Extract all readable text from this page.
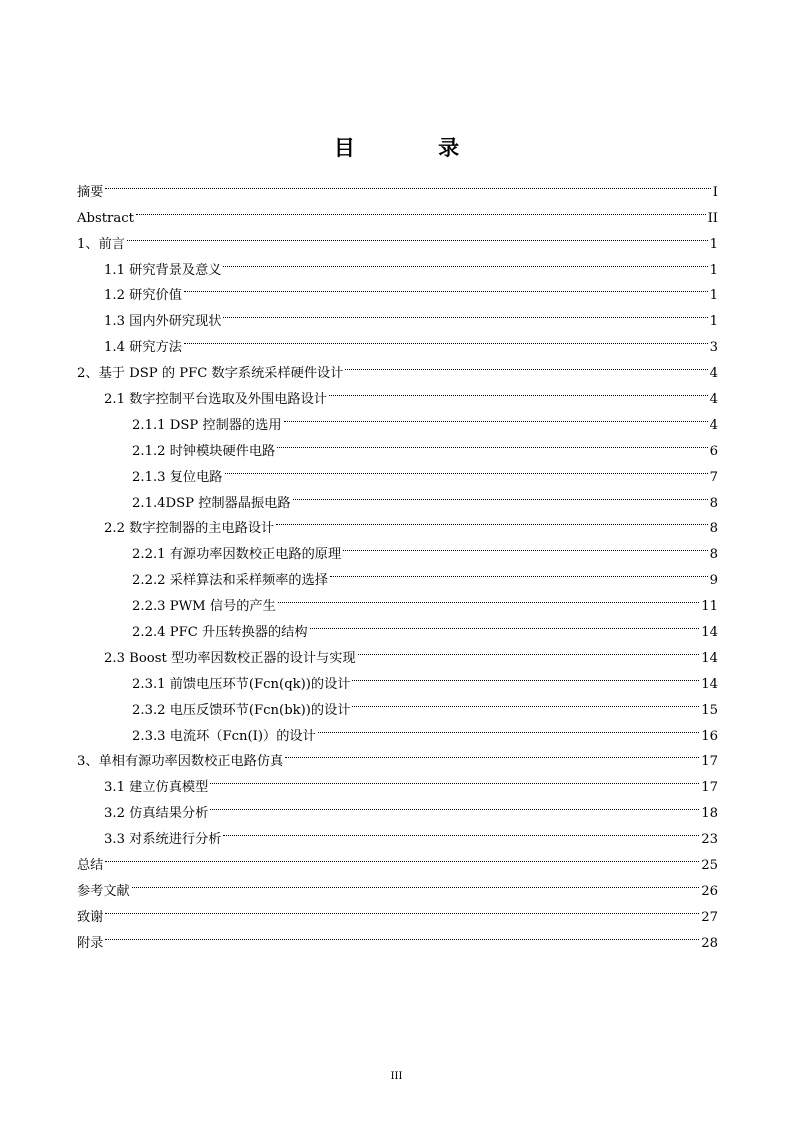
目 录
摘要	I
Abstract	II
1、前言	1
1.1 研究背景及意义	1
1.2 研究价值	1
1.3 国内外研究现状	1
1.4 研究方法	3
2、基于 DSP 的 PFC 数字系统采样硬件设计	4
2.1 数字控制平台选取及外围电路设计	4
2.1.1 DSP 控制器的选用	4
2.1.2 时钟模块硬件电路	6
2.1.3 复位电路	7
2.1.4DSP 控制器晶振电路	8
2.2 数字控制器的主电路设计	8
2.2.1 有源功率因数校正电路的原理	8
2.2.2 采样算法和采样频率的选择	9
2.2.3 PWM 信号的产生	11
2.2.4 PFC 升压转换器的结构	14
2.3 Boost 型功率因数校正器的设计与实现	14
2.3.1 前馈电压环节(Fcn(qk))的设计	14
2.3.2 电压反馈环节(Fcn(bk))的设计	15
2.3.3 电流环（Fcn(I)）的设计	16
3、单相有源功率因数校正电路仿真	17
3.1 建立仿真模型	17
3.2 仿真结果分析	18
3.3 对系统进行分析	23
总结	25
参考文献	26
致谢	27
附录	28
III
